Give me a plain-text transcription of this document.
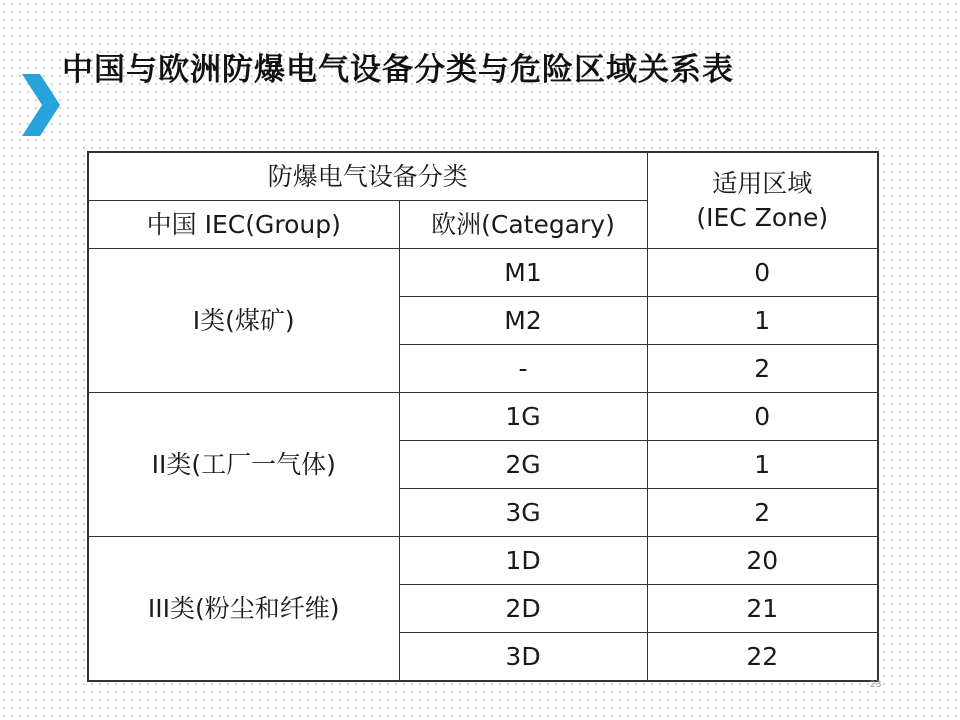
中国与欧洲防爆电气设备分类与危险区域关系表
防爆电气设备分类		适用区域
(IEC Zone)

中国 IEC(Group)	欧洲(Categary)	
I类(煤矿)	M1	0
	M2	1
	-	2
II类(工厂一气体)	1G	0
	2G	1
	3G	2
III类(粉尘和纤维)	1D	20
	2D	21
	3D	22
23
